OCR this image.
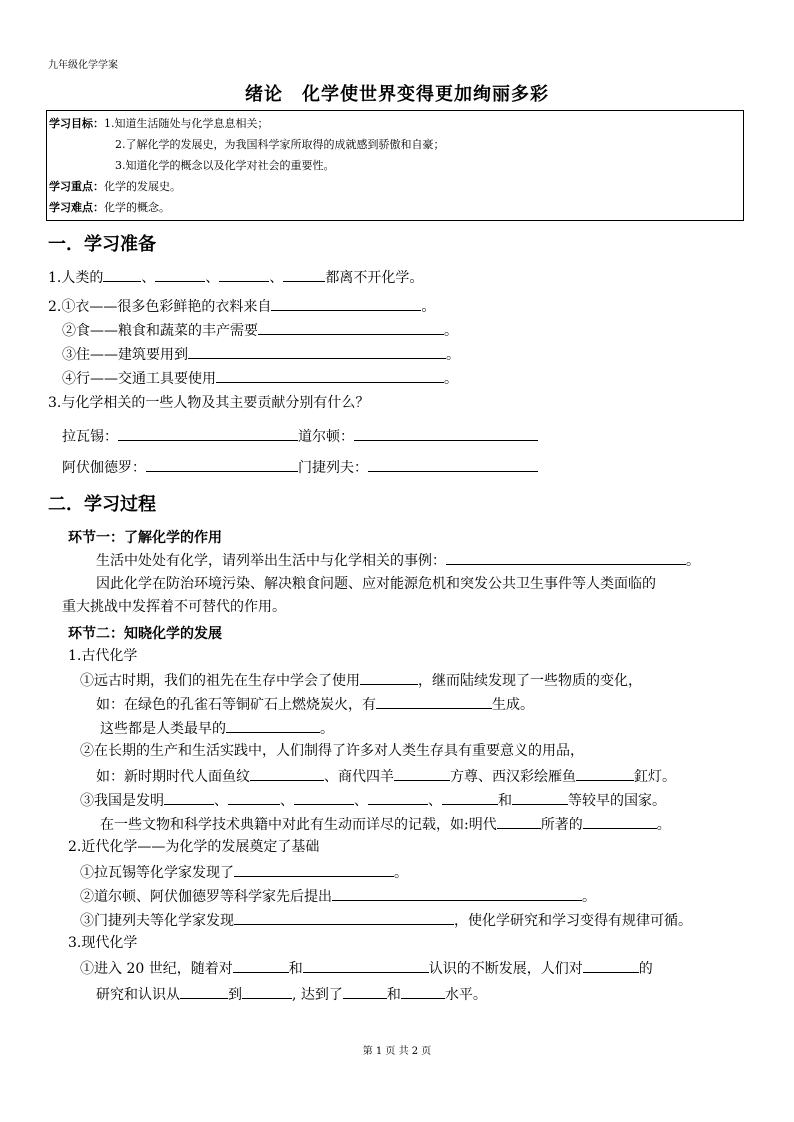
九年级化学学案
绪论　化学使世界变得更加绚丽多彩
学习目标：1.知道生活随处与化学息息相关；
2.了解化学的发展史，为我国科学家所取得的成就感到骄傲和自豪；
3.知道化学的概念以及化学对社会的重要性。
学习重点：化学的发展史。
学习难点：化学的概念。
一．学习准备
1.人类的	、	、	、	都离不开化学。
2.①衣——很多色彩鲜艳的衣料来自	。
②食——粮食和蔬菜的丰产需要	。
③住——建筑要用到	。
④行——交通工具要使用	。
3.与化学相关的一些人物及其主要贡献分别有什么？
拉瓦锡：	道尔顿：
阿伏伽德罗：	门捷列夫：
二．学习过程
环节一：了解化学的作用
生活中处处有化学，请列举出生活中与化学相关的事例：	。
因此化学在防治环境污染、解决粮食问题、应对能源危机和突发公共卫生事件等人类面临的
重大挑战中发挥着不可替代的作用。
环节二：知晓化学的发展
1.古代化学
①远古时期，我们的祖先在生存中学会了使用	，继而陆续发现了一些物质的变化，
如：在绿色的孔雀石等铜矿石上燃烧炭火，有	生成。
这些都是人类最早的	。
②在长期的生产和生活实践中，人们制得了许多对人类生存具有重要意义的用品，
如：新时期时代人面鱼纹	、商代四羊	方尊、西汉彩绘雁鱼	釭灯。
③我国是发明	、	、	、	、	和	等较早的国家。
在一些文物和科学技术典籍中对此有生动而详尽的记载，如:明代	所著的	。
2.近代化学——为化学的发展奠定了基础
①拉瓦锡等化学家发现了	。
②道尔顿、阿伏伽德罗等科学家先后提出	。
③门捷列夫等化学家发现	，使化学研究和学习变得有规律可循。
3.现代化学
①进入 20 世纪，随着对	和	认识的不断发展，人们对	的
研究和认识从	到	, 达到了	和	水平。
第 1 页 共 2 页
